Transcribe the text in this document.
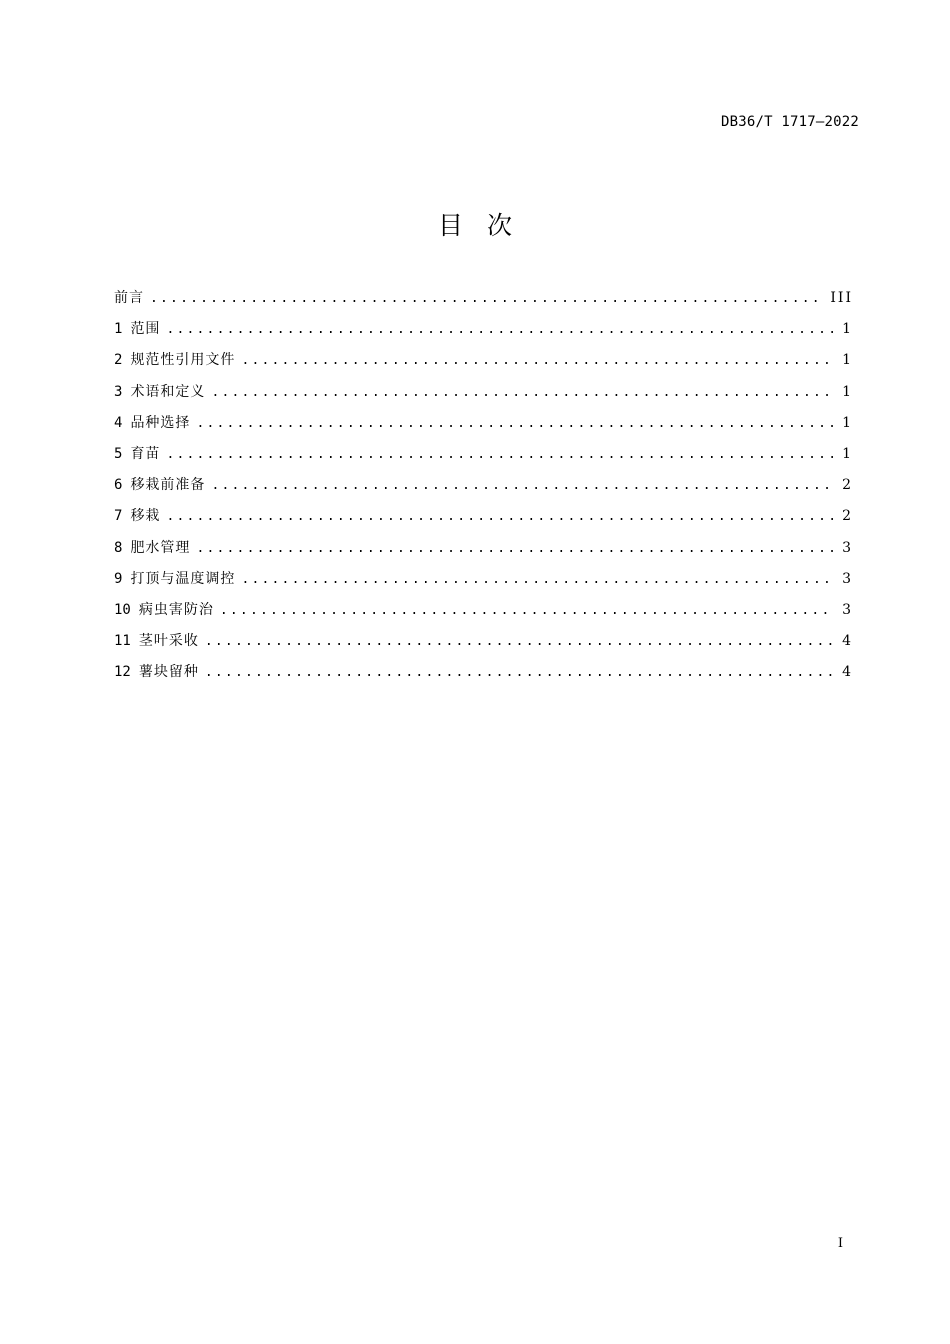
DB36/T 1717—2022
目次
前言 .....	III
1 范围 .....	1
2 规范性引用文件 .....	1
3 术语和定义 .....	1
4 品种选择 .....	1
5 育苗 .....	1
6 移栽前准备 .....	2
7 移栽 .....	2
8 肥水管理 .....	3
9 打顶与温度调控 .....	3
10 病虫害防治 .....	3
11 茎叶采收 .....	4
12 薯块留种 .....	4
I
